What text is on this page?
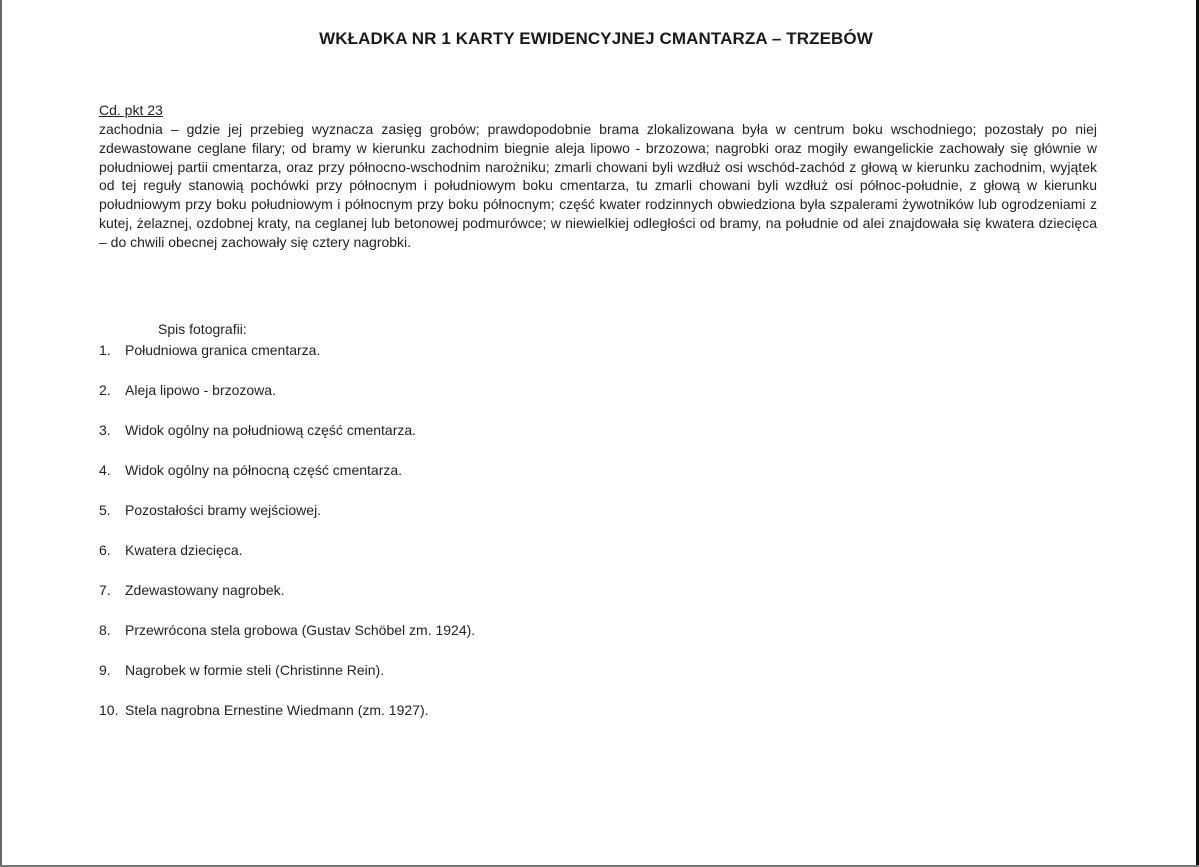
WKŁADKA NR 1 KARTY EWIDENCYJNEJ CMANTARZA – TRZEBÓW
Cd. pkt 23
zachodnia – gdzie jej przebieg wyznacza zasięg grobów; prawdopodobnie brama zlokalizowana była w centrum boku wschodniego; pozostały po niej zdewastowane ceglane filary; od bramy w kierunku zachodnim biegnie aleja lipowo - brzozowa; nagrobki oraz mogiły ewangelickie zachowały się głównie w południowej partii cmentarza, oraz przy północno-wschodnim narożniku; zmarli chowani byli wzdłuż osi wschód-zachód z głową w kierunku zachodnim, wyjątek od tej reguły stanowią pochówki przy północnym i południowym boku cmentarza, tu zmarli chowani byli wzdłuż osi północ-południe, z głową w kierunku południowym przy boku południowym i północnym przy boku północnym; część kwater rodzinnych obwiedziona była szpalerami żywotników lub ogrodzeniami z kutej, żelaznej, ozdobnej kraty, na ceglanej lub betonowej podmurówce; w niewielkiej odległości od bramy, na południe od alei znajdowała się kwatera dziecięca – do chwili obecnej zachowały się cztery nagrobki.
Spis fotografii:
1. Południowa granica cmentarza.
2. Aleja lipowo - brzozowa.
3. Widok ogólny na południową część cmentarza.
4. Widok ogólny na północną część cmentarza.
5. Pozostałości bramy wejściowej.
6. Kwatera dziecięca.
7. Zdewastowany nagrobek.
8. Przewrócona stela grobowa (Gustav Schöbel zm. 1924).
9. Nagrobek w formie steli (Christinne Rein).
10. Stela nagrobna Ernestine Wiedmann (zm. 1927).
